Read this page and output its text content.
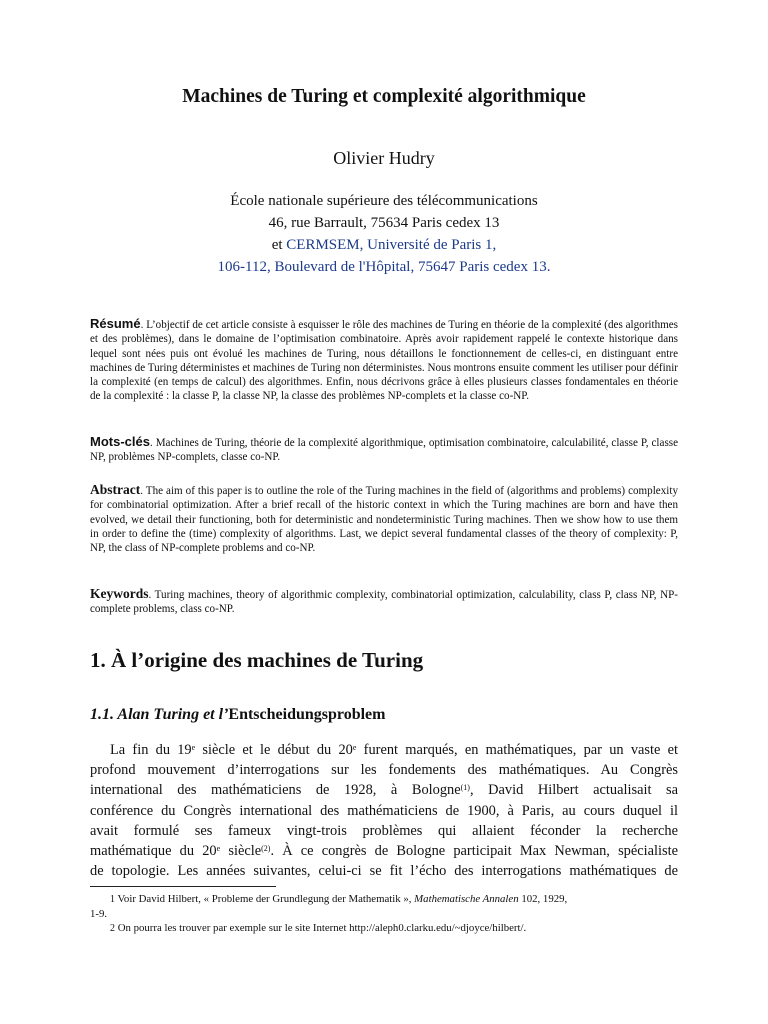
Machines de Turing et complexité algorithmique
Olivier Hudry
École nationale supérieure des télécommunications
46, rue Barrault, 75634 Paris cedex 13
et CERMSEM, Université de Paris 1,
106-112, Boulevard de l'Hôpital, 75647 Paris cedex 13.
Résumé. L’objectif de cet article consiste à esquisser le rôle des machines de Turing en théorie de la complexité (des algorithmes et des problèmes), dans le domaine de l’optimisation combinatoire. Après avoir rapidement rappelé le contexte historique dans lequel sont nées puis ont évolué les machines de Turing, nous détaillons le fonctionnement de celles-ci, en distinguant entre machines de Turing déterministes et machines de Turing non déterministes. Nous montrons ensuite comment les utiliser pour définir la complexité (en temps de calcul) des algorithmes. Enfin, nous décrivons grâce à elles plusieurs classes fondamentales en théorie de la complexité : la classe P, la classe NP, la classe des problèmes NP-complets et la classe co-NP.
Mots-clés. Machines de Turing, théorie de la complexité algorithmique, optimisation combinatoire, calculabilité, classe P, classe NP, problèmes NP-complets, classe co-NP.
Abstract. The aim of this paper is to outline the role of the Turing machines in the field of (algorithms and problems) complexity for combinatorial optimization. After a brief recall of the historic context in which the Turing machines are born and have then evolved, we detail their functioning, both for deterministic and nondeterministic Turing machines. Then we show how to use them in order to define the (time) complexity of algorithms. Last, we depict several fundamental classes of the theory of complexity: P, NP, the class of NP-complete problems and co-NP.
Keywords. Turing machines, theory of algorithmic complexity, combinatorial optimization, calculability, class P, class NP, NP-complete problems, class co-NP.
1. À l’origine des machines de Turing
1.1. Alan Turing et l’Entscheidungsproblem
La fin du 19e siècle et le début du 20e furent marqués, en mathématiques, par un vaste et
profond mouvement d’interrogations sur les fondements des mathématiques. Au Congrès
international des mathématiciens de 1928, à Bologne$^{(1)}$, David Hilbert actualisait sa
conférence du Congrès international des mathématiciens de 1900, à Paris, au cours duquel il
avait formulé ses fameux vingt-trois problèmes qui allaient féconder la recherche
mathématique du 20e siècle$^{(2)}$. À ce congrès de Bologne participait Max Newman, spécialiste
de topologie. Les années suivantes, celui-ci se fit l’écho des interrogations mathématiques de
1 Voir David Hilbert, « Probleme der Grundlegung der Mathematik », Mathematische Annalen 102, 1929,
1-9.
2 On pourra les trouver par exemple sur le site Internet http://aleph0.clarku.edu/~djoyce/hilbert/.
